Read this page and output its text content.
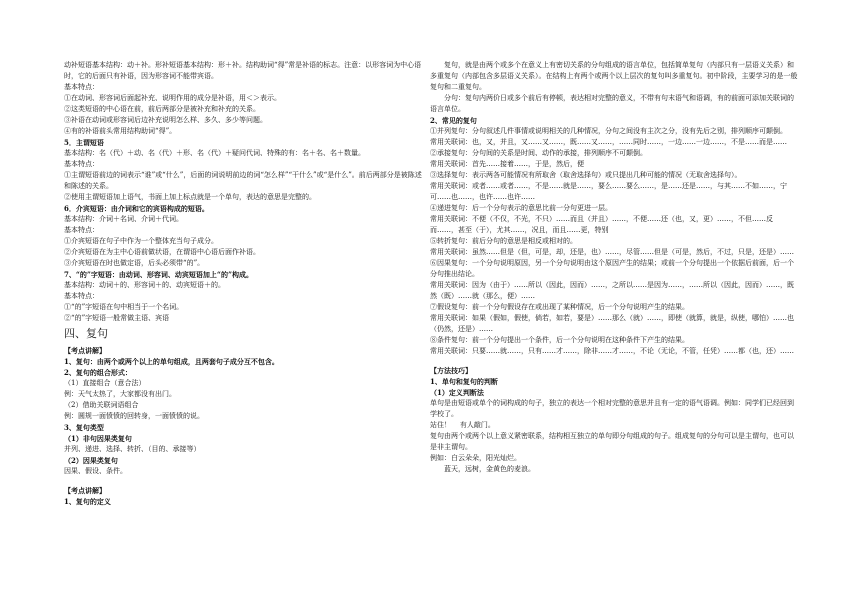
动补短语基本结构：动＋补。形补短语基本结构：形＋补。结构助词“得”常是补语的标志。注意：以形容词为中心语时，它的后面只有补语，因为形容词不能带宾语。

基本特点：

①在动词、形容词后面起补充、说明作用的成分是补语，用＜＞表示。

②这类短语的中心语在前，前后两部分是被补充和补充的关系。

③补语在动词或形容词后边补充说明怎么样、多久、多少等问题。

④有的补语前头常用结构助词“得”。

5．主谓短语

基本结构：名（代）＋动、名（代）＋形、名（代）＋疑问代词、特殊的有：名＋名、名＋数量。

基本特点：

①主谓短语前边的词表示“谁”或“什么”，后面的词说明前边的词“怎么样”“干什么”或“是什么”。前后两部分是被陈述和陈述的关系。

②使用主谓短语加上语气，书面上加上标点就是一个单句，表达的意思是完整的。

6．介宾短语：由介词和它的宾语构成的短语。

基本结构：介词＋名词、介词＋代词。

基本特点：

①介宾短语在句子中作为一个整体充当句子成分。

②介宾短语在为主中心语前做状语，在谓语中心语后面作补语。

③介宾短语在时也做定语，后头必须带“的”。

7、“的”字短语：由动词、形容词、动宾短语加上“的”构成。

基本结构：动词＋的、形容词＋的、动宾短语＋的。

基本特点：

①“的”字短语在句中相当于一个名词。

②“的”字短语一般常做主语、宾语

四、复句

【考点讲解】

1、复句：由两个或两个以上的单句组成，且两套句子成分互不包含。

2、复句的组合形式：

（1）直接组合（意合法）

例：天气太热了，大家都没有出门。

（2）借助关联词语组合

例：圆规一面愤愤的回转身，一面愤愤的说。

3、复句类型

（1）非句因果类复句

并列、递进、选择、转折、（目的、承接等）

（2）因果类复句

因果、假设、条件。

【考点讲解】

1、复句的定义

复句，就是由两个或多个在意义上有密切关系的分句组成的语言单位，包括简单复句（内部只有一层语义关系）和多重复句（内部包含多层语义关系）。在结构上有两个或两个以上层次的复句叫多重复句。初中阶段，主要学习的是一般复句和二重复句。

分句：复句内两价日或多个前后有停顿，表达相对完整的意义，不带有句末语气和语调，有的前面可添加关联词的语言单位。

2、常见的复句

①并列复句：分句叙述几件事情或说明相关的几种情况，分句之间没有主次之分，没有先后之别，排列顺序可颠倒。

常用关联词：也，又，并且，又……又……，既……又……，……同时……，一边……一边……，不是……而是……

②承接复句：分句间的关系是时间、动作的承接，排列顺序不可颠倒。

常用关联词：首先……接着……，于是，然后，便

③选择复句：表示两各可能情况有所取舍（取舍选择句）或只提出几种可能的情况（无取舍选择句）。

常用关联词：或者……或者……，不是……就是……，要么……要么……，是……还是……，与其……不如……，宁可……也……，也许……也许……

④递进复句：后一个分句表示的意思比前一分句更进一层。

常用关联词：不便（不仅，不光，不只）……而且（并且）……，不便……还（也，又，更）……，不但……反而……，甚至（于），尤其……，况且，而且……更，特别

⑤转折复句：前后分句的意思是相反或相对的。

常用关联词：虽然……但是（但，可是，却，还是，也）……，尽管……但是（可是，然后，不过，只是，还是）……

⑥因果复句：一个分句说明原因，另一个分句说明由这个原因产生的结果；或前一个分句提出一个依据后前面，后一个分句推出结论。

常用关联词：因为（由于）……所以（因此，因而）……，之所以……是因为……，……所以（因此，因而）……，既然（既）……就（那么，便）……

⑦假设复句：前一个分句假设存在或出现了某种情况，后一个分句说明产生的结果。

常用关联词：如果（假如，假使，倘若，如若，要是）……那么（就）……，即使（就算，就是，纵使，哪怕）……也（仍然，还是）……

⑧条件复句：前一个分句提出一个条件，后一个分句说明在这种条件下产生的结果。

常用关联词：只要……就……，只有……才……，除非……才……，不论（无论，不管，任凭）……都（也，还）……

【方法技巧】

1、单句和复句的判断

（1）定义判断法

单句是由短语或单个的词构成的句子，独立的表达一个相对完整的意思并且有一定的语气语调。例如：同学们已经回到学校了。

站住！    有人敲门。

复句由两个或两个以上意义紧密联系，结构相互独立的单句即分句组成的句子。组成复句的分句可以是主谓句，也可以是非主谓句。

例如：白云朵朵，阳光灿烂。

蓝天，远树，金黄色的麦浪。
